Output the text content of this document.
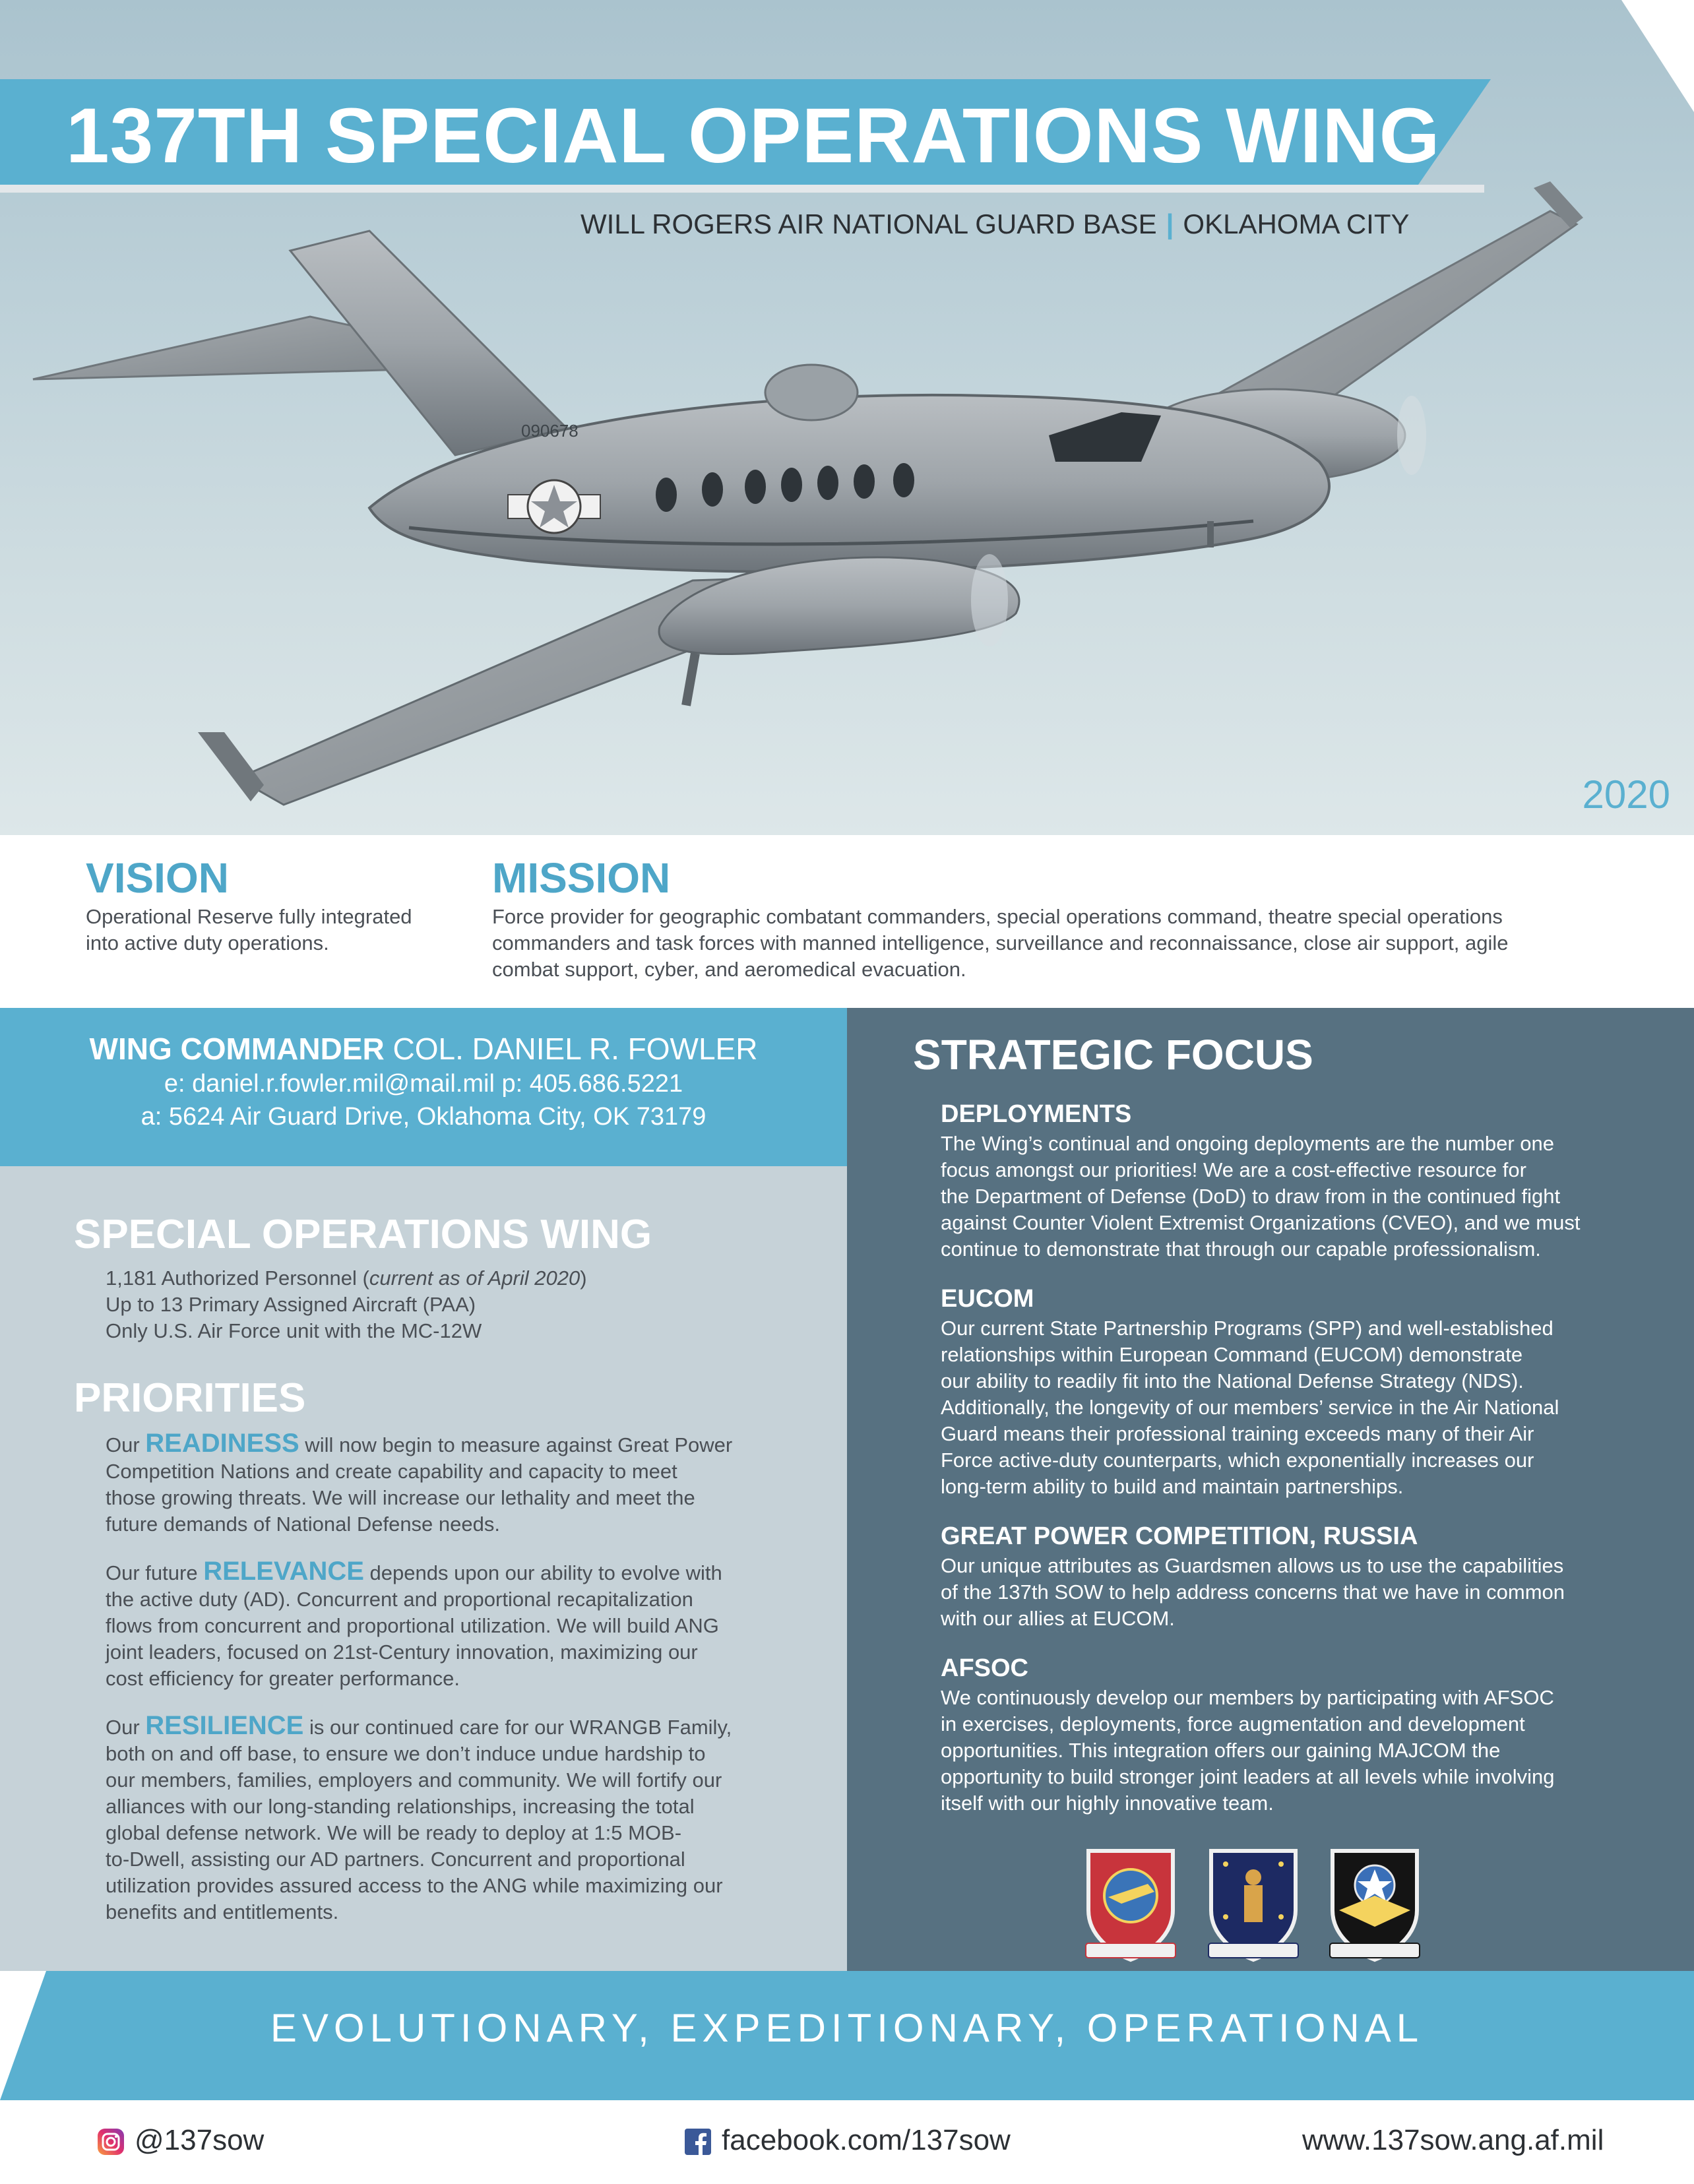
090678
137TH SPECIAL OPERATIONS WING
WILL ROGERS AIR NATIONAL GUARD BASE | OKLAHOMA CITY
2020
VISION
Operational Reserve fully integrated
into active duty operations.
MISSION
Force provider for geographic combatant commanders, special operations command, theatre special operations
commanders and task forces with manned intelligence, surveillance and reconnaissance, close air support, agile
combat support, cyber, and aeromedical evacuation.
WING COMMANDER COL. DANIEL R. FOWLER
e: daniel.r.fowler.mil@mail.mil p: 405.686.5221
a: 5624 Air Guard Drive, Oklahoma City, OK 73179
SPECIAL OPERATIONS WING
1,181 Authorized Personnel (current as of April 2020)
Up to 13 Primary Assigned Aircraft (PAA)
Only U.S. Air Force unit with the MC-12W
PRIORITIES
Our READINESS will now begin to measure against Great Power
Competition Nations and create capability and capacity to meet
those growing threats. We will increase our lethality and meet the
future demands of National Defense needs.
Our future RELEVANCE depends upon our ability to evolve with
the active duty (AD). Concurrent and proportional recapitalization
flows from concurrent and proportional utilization. We will build ANG
joint leaders, focused on 21st-Century innovation, maximizing our
cost efficiency for greater performance.
Our RESILIENCE is our continued care for our WRANGB Family,
both on and off base, to ensure we don’t induce undue hardship to
our members, families, employers and community. We will fortify our
alliances with our long-standing relationships, increasing the total
global defense network. We will be ready to deploy at 1:5 MOB-
to-Dwell, assisting our AD partners. Concurrent and proportional
utilization provides assured access to the ANG while maximizing our
benefits and entitlements.
STRATEGIC FOCUS
DEPLOYMENTS
The Wing’s continual and ongoing deployments are the number one
focus amongst our priorities! We are a cost-effective resource for
the Department of Defense (DoD) to draw from in the continued fight
against Counter Violent Extremist Organizations (CVEO), and we must
continue to demonstrate that through our capable professionalism.
EUCOM
Our current State Partnership Programs (SPP) and well-established
relationships within European Command (EUCOM) demonstrate
our ability to readily fit into the National Defense Strategy (NDS).
Additionally, the longevity of our members’ service in the Air National
Guard means their professional training exceeds many of their Air
Force active-duty counterparts, which exponentially increases our
long-term ability to build and maintain partnerships.
GREAT POWER COMPETITION, RUSSIA
Our unique attributes as Guardsmen allows us to use the capabilities
of the 137th SOW to help address concerns that we have in common
with our allies at EUCOM.
AFSOC
We continuously develop our members by participating with AFSOC
in exercises, deployments, force augmentation and development
opportunities. This integration offers our gaining MAJCOM the
opportunity to build stronger joint leaders at all levels while involving
itself with our highly innovative team.
EVOLUTIONARY, EXPEDITIONARY, OPERATIONAL
@137sow	facebook.com/137sow	www.137sow.ang.af.mil
